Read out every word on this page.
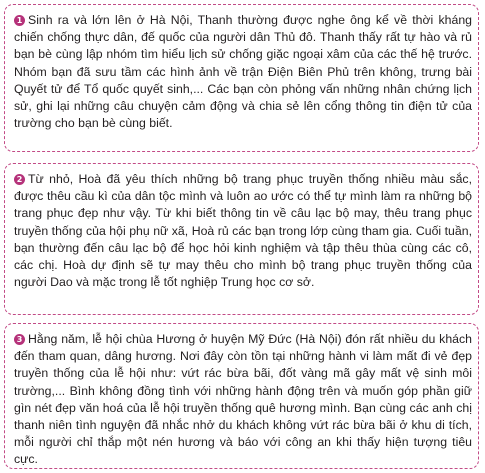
1 Sinh ra và lớn lên ở Hà Nội, Thanh thường được nghe ông kể về thời kháng chiến chống thực dân, đế quốc của người dân Thủ đô. Thanh thấy rất tự hào và rủ bạn bè cùng lập nhóm tìm hiểu lịch sử chống giặc ngoại xâm của các thế hệ trước. Nhóm bạn đã sưu tầm các hình ảnh về trận Điện Biên Phủ trên không, trưng bài Quyết tử để Tổ quốc quyết sinh,... Các bạn còn phỏng vấn những nhân chứng lịch sử, ghi lại những câu chuyện cảm động và chia sẻ lên cổng thông tin điện tử của trường cho bạn bè cùng biết.
2 Từ nhỏ, Hoà đã yêu thích những bộ trang phục truyền thống nhiều màu sắc, được thêu cầu kì của dân tộc mình và luôn ao ước có thể tự mình làm ra những bộ trang phục đẹp như vậy. Từ khi biết thông tin về câu lạc bộ may, thêu trang phục truyền thống của hội phụ nữ xã, Hoà rủ các bạn trong lớp cùng tham gia. Cuối tuần, bạn thường đến câu lạc bộ để học hỏi kinh nghiệm và tập thêu thùa cùng các cô, các chị. Hoà dự định sẽ tự may thêu cho mình bộ trang phục truyền thống của người Dao và mặc trong lễ tốt nghiệp Trung học cơ sở.
3 Hằng năm, lễ hội chùa Hương ở huyện Mỹ Đức (Hà Nội) đón rất nhiều du khách đến tham quan, dâng hương. Nơi đây còn tồn tại những hành vi làm mất đi vẻ đẹp truyền thống của lễ hội như: vứt rác bừa bãi, đốt vàng mã gây mất vệ sinh môi trường,... Bình không đồng tình với những hành động trên và muốn góp phần giữ gìn nét đẹp văn hoá của lễ hội truyền thống quê hương mình. Bạn cùng các anh chị thanh niên tình nguyện đã nhắc nhở du khách không vứt rác bừa bãi ở khu di tích, mỗi người chỉ thắp một nén hương và báo với công an khi thấy hiện tượng tiêu cực.
